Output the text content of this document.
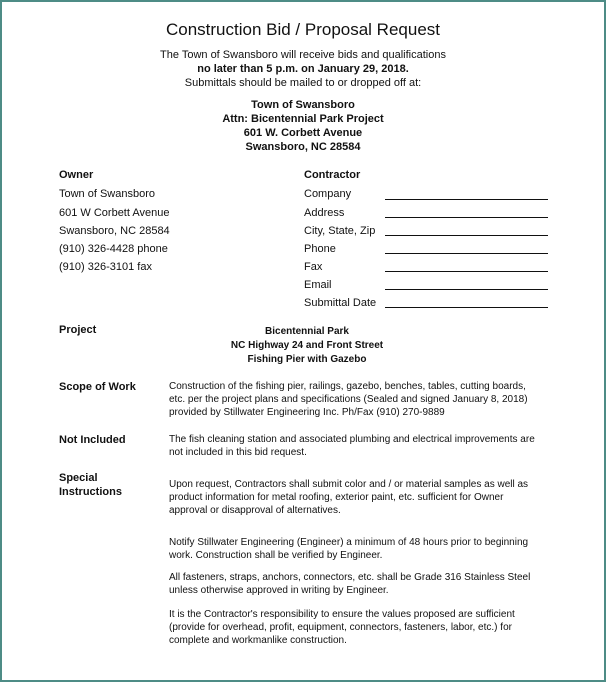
Construction Bid / Proposal Request
The Town of Swansboro will receive bids and qualifications
no later than 5 p.m. on January 29, 2018.
Submittals should be mailed to or dropped off at:
Town of Swansboro
Attn: Bicentennial Park Project
601 W. Corbett Avenue
Swansboro, NC 28584
Owner
Town of Swansboro
601 W Corbett Avenue
Swansboro, NC 28584
(910) 326-4428 phone
(910) 326-3101 fax
Contractor
Company
Address
City, State, Zip
Phone
Fax
Email
Submittal Date
Project	Bicentennial Park
NC Highway 24 and Front Street
Fishing Pier with Gazebo
Scope of Work	Construction of the fishing pier, railings, gazebo, benches, tables, cutting boards,
etc. per the project plans and specifications (Sealed and signed January 8, 2018)
provided by Stillwater Engineering Inc. Ph/Fax (910) 270-9889
Not Included	The fish cleaning station and associated plumbing and electrical improvements are
not included in this bid request.
Special
Instructions
Upon request, Contractors shall submit color and / or material samples as well as
product information for metal roofing, exterior paint, etc. sufficient for Owner
approval or disapproval of alternatives.
Notify Stillwater Engineering (Engineer) a minimum of 48 hours prior to beginning
work. Construction shall be verified by Engineer.
All fasteners, straps, anchors, connectors, etc. shall be Grade 316 Stainless Steel
unless otherwise approved in writing by Engineer.
It is the Contractor's responsibility to ensure the values proposed are sufficient
(provide for overhead, profit, equipment, connectors, fasteners, labor, etc.) for
complete and workmanlike construction.
